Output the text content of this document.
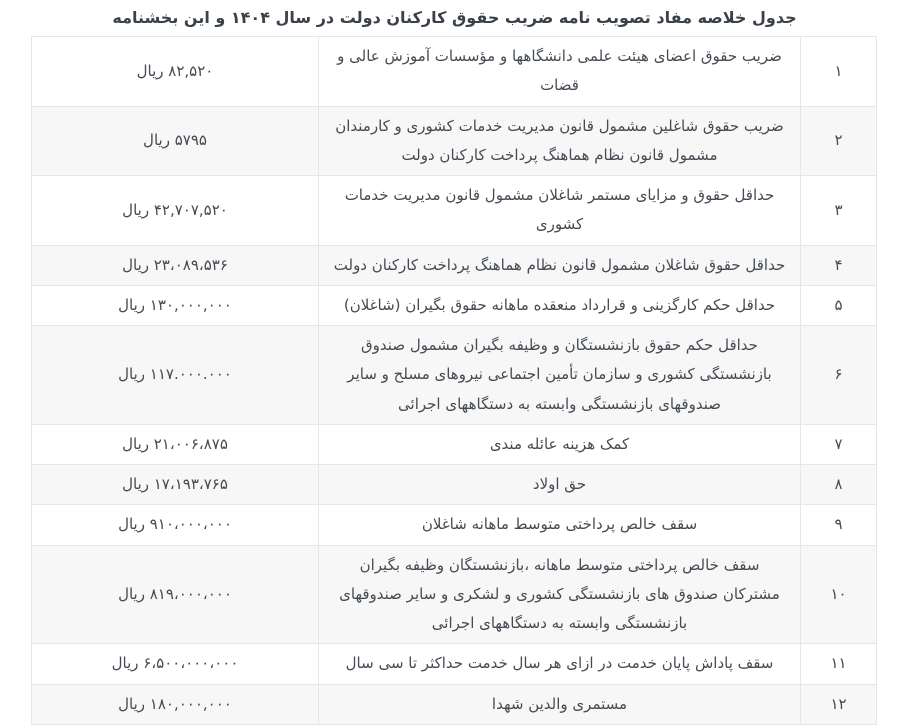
جدول خلاصه مفاد تصویب نامه ضریب حقوق کارکنان دولت در سال ۱۴۰۴ و این بخشنامه
۱	ضریب حقوق اعضای هیئت علمی دانشگاهها و مؤسسات آموزش عالی و قضات	۸۲,۵۲۰ ریال
۲	ضریب حقوق شاغلین مشمول قانون مدیریت خدمات کشوری و کارمندان مشمول قانون نظام هماهنگ پرداخت کارکنان دولت	۵۷۹۵ ریال
۳	حداقل حقوق و مزایای مستمر شاغلان مشمول قانون مدیریت خدمات کشوری	۴۲,۷۰۷,۵۲۰ ریال
۴	حداقل حقوق شاغلان مشمول قانون نظام هماهنگ پرداخت کارکنان دولت	۲۳،۰۸۹،۵۳۶ ریال
۵	حداقل حکم کارگزینی و قرارداد منعقده ماهانه حقوق بگیران (شاغلان)	۱۳۰,۰۰۰,۰۰۰ ریال
۶	حداقل حکم حقوق بازنشستگان و وظیفه بگیران مشمول صندوق بازنشستگی کشوری و سازمان تأمین اجتماعی نیروهای مسلح و سایر صندوقهای بازنشستگی وابسته به دستگاههای اجرائی	۱۱۷.۰۰۰.۰۰۰ ریال
۷	کمک هزینه عائله مندی	۲۱،۰۰۶،۸۷۵ ریال
۸	حق اولاد	۱۷،۱۹۳،۷۶۵ ریال
۹	سقف خالص پرداختی متوسط ماهانه شاغلان	۹۱۰،۰۰۰،۰۰۰ ریال
۱۰	سقف خالص پرداختی متوسط ماهانه ،بازنشستگان وظیفه بگیران مشترکان صندوق های بازنشستگی کشوری و لشکری و سایر صندوقهای بازنشستگی وابسته به دستگاههای اجرائی	۸۱۹،۰۰۰،۰۰۰ ریال
۱۱	سقف پاداش پایان خدمت در ازای هر سال خدمت حداکثر تا سی سال	۶،۵۰۰،۰۰۰،۰۰۰ ریال
۱۲	مستمری والدین شهدا	۱۸۰,۰۰۰,۰۰۰ ریال
